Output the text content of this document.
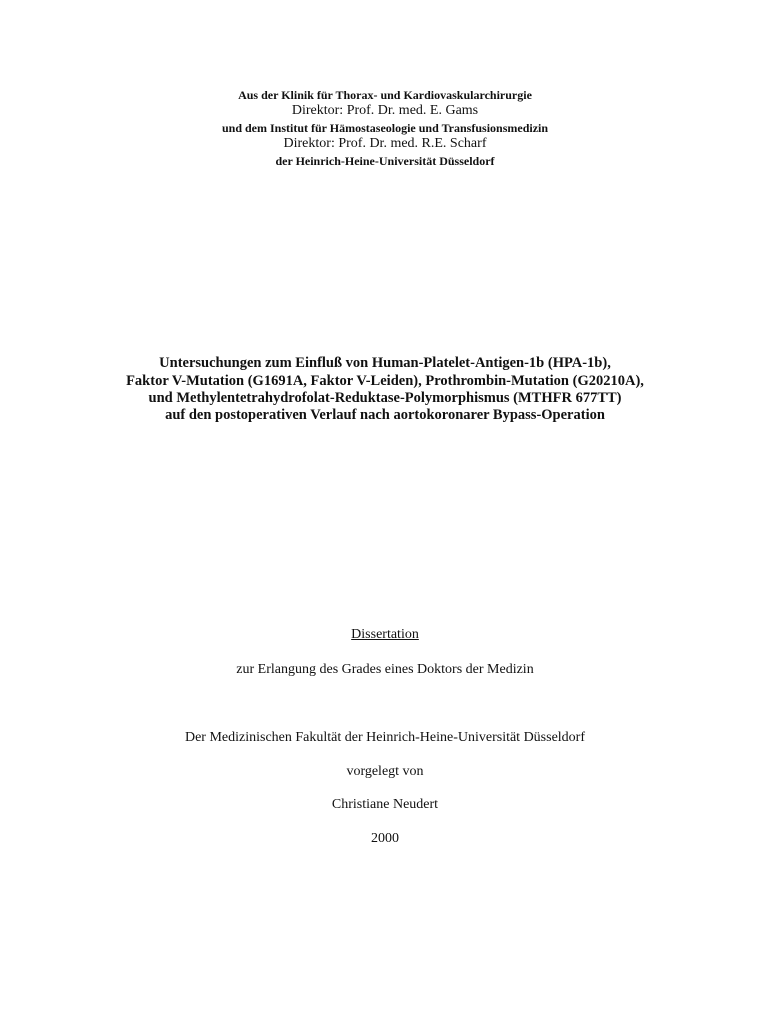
Aus der Klinik für Thorax- und Kardiovaskularchirurgie
Direktor: Prof. Dr. med. E. Gams
und dem Institut für Hämostaseologie und Transfusionsmedizin
Direktor: Prof. Dr. med. R.E. Scharf
der Heinrich-Heine-Universität Düsseldorf
Untersuchungen zum Einfluß von Human-Platelet-Antigen-1b (HPA-1b),
Faktor V-Mutation (G1691A, Faktor V-Leiden), Prothrombin-Mutation (G20210A),
und Methylentetrahydrofolat-Reduktase-Polymorphismus (MTHFR 677TT)
auf den postoperativen Verlauf nach aortokoronarer Bypass-Operation
Dissertation
zur Erlangung des Grades eines Doktors der Medizin
Der Medizinischen Fakultät der Heinrich-Heine-Universität Düsseldorf
vorgelegt von
Christiane Neudert
2000
